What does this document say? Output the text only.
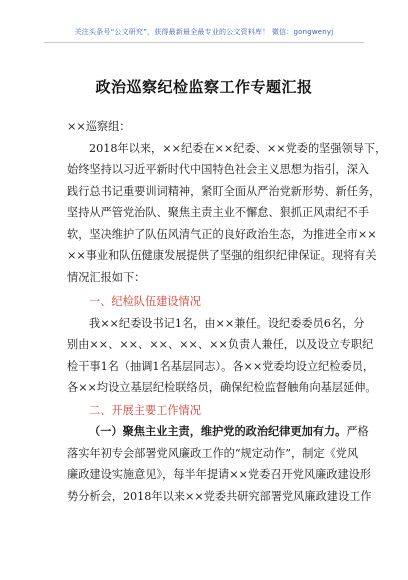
关注头条号“公文研究”，获得最新最全最专业的公文资料库！ 微信：gongwenyj
政治巡察纪检监察工作专题汇报
××巡察组：
2018年以来，××纪委在××纪委、××党委的坚强领导下，
始终坚持以习近平新时代中国特色社会主义思想为指引，深入
践行总书记重要训词精神，紧盯全面从严治党新形势、新任务，
坚持从严管党治队、聚焦主责主业不懈怠、狠抓正风肃纪不手
软，坚决维护了队伍风清气正的良好政治生态，为推进全市××
××事业和队伍健康发展提供了坚强的组织纪律保证。现将有关
情况汇报如下：
一、纪检队伍建设情况
我××纪委设书记1名，由××兼任。设纪委委员6名，分
别由××、××、××、××、××负责人兼任，以及设立专职纪
检干事1名（抽调1名基层同志）。各××党委均设立纪检委员，
各××均设立基层纪检联络员，确保纪检监督触角向基层延伸。
二、开展主要工作情况
（一）聚焦主业主责，维护党的政治纪律更加有力。严格
落实年初专会部署党风廉政工作的“规定动作”，制定《党风
廉政建设实施意见》，每半年提请××党委召开党风廉政建设形
势分析会，2018年以来××党委共研究部署党风廉政建设工作
